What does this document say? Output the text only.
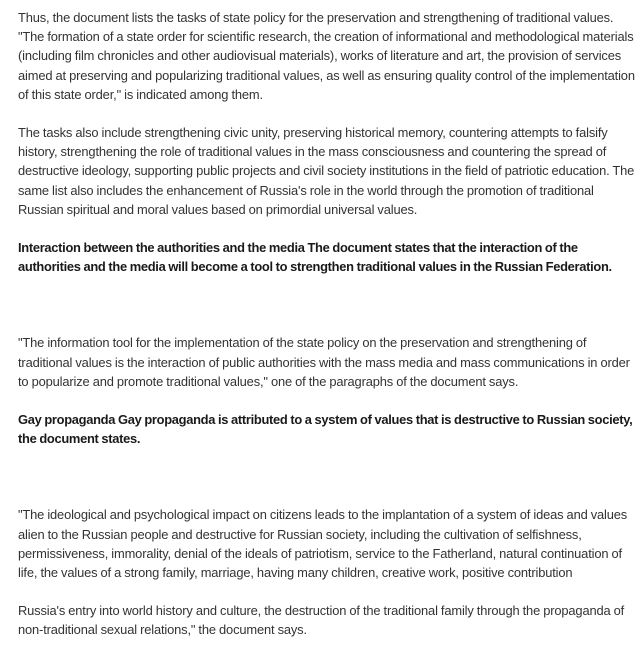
Thus, the document lists the tasks of state policy for the preservation and strengthening of traditional values. "The formation of a state order for scientific research, the creation of informational and methodological materials (including film chronicles and other audiovisual materials), works of literature and art, the provision of services aimed at preserving and popularizing traditional values, as well as ensuring quality control of the implementation of this state order," is indicated among them.

The tasks also include strengthening civic unity, preserving historical memory, countering attempts to falsify history, strengthening the role of traditional values in the mass consciousness and countering the spread of destructive ideology, supporting public projects and civil society institutions in the field of patriotic education. The same list also includes the enhancement of Russia's role in the world through the promotion of traditional Russian spiritual and moral values based on primordial universal values.

Interaction between the authorities and the media The document states that the interaction of the authorities and the media will become a tool to strengthen traditional values in the Russian Federation.

"The information tool for the implementation of the state policy on the preservation and strengthening of traditional values is the interaction of public authorities with the mass media and mass communications in order to popularize and promote traditional values," one of the paragraphs of the document says.

Gay propaganda Gay propaganda is attributed to a system of values that is destructive to Russian society, the document states.

"The ideological and psychological impact on citizens leads to the implantation of a system of ideas and values alien to the Russian people and destructive for Russian society, including the cultivation of selfishness, permissiveness, immorality, denial of the ideals of patriotism, service to the Fatherland, natural continuation of life, the values of a strong family, marriage, having many children, creative work, positive contribution

Russia's entry into world history and culture, the destruction of the traditional family through the propaganda of non-traditional sexual relations," the document says.
